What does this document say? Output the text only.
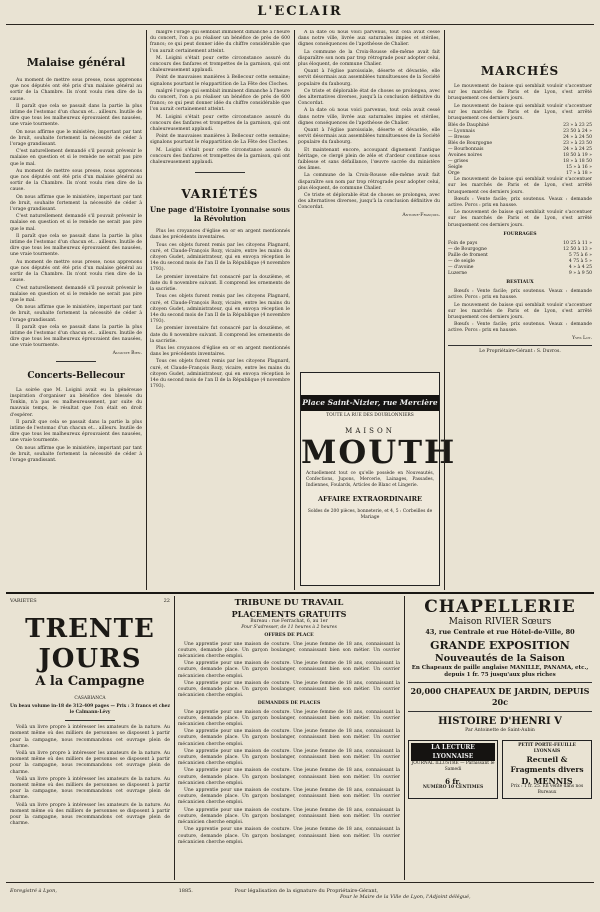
L'ECLAIR
Malaise général

Au moment de mettre sous presse, nous apprenons que nos députés ont été pris d'un malaise général au sortir de la Chambre. Ils n'ont voulu rien dire de la cause.

Il paraît que cela se passait dans la partie la plus intime de l'estomac d'un chacun et... ailleurs. Inutile de dire que tous les malheureux éprouvaient des nausées, une vraie tourmente.

On nous affirme que le ministère, important par tant de bruit, souhaite fortement la nécessité de céder à l'orage grandissant.

C'est naturellement demandé s'il pouvait prévenir le malaise en question et si le remède ne serait pas pire que le mal.

Au moment de mettre sous presse, nous apprenons que nos députés ont été pris d'un malaise général au sortir de la Chambre. Ils n'ont voulu rien dire de la cause.

On nous affirme que le ministère, important par tant de bruit, souhaite fortement la nécessité de céder à l'orage grandissant.

C'est naturellement demandé s'il pouvait prévenir le malaise en question et si le remède ne serait pas pire que le mal.

Il paraît que cela se passait dans la partie la plus intime de l'estomac d'un chacun et... ailleurs. Inutile de dire que tous les malheureux éprouvaient des nausées, une vraie tourmente.

Au moment de mettre sous presse, nous apprenons que nos députés ont été pris d'un malaise général au sortir de la Chambre. Ils n'ont voulu rien dire de la cause.

C'est naturellement demandé s'il pouvait prévenir le malaise en question et si le remède ne serait pas pire que le mal.

On nous affirme que le ministère, important par tant de bruit, souhaite fortement la nécessité de céder à l'orage grandissant.

Il paraît que cela se passait dans la partie la plus intime de l'estomac d'un chacun et... ailleurs. Inutile de dire que tous les malheureux éprouvaient des nausées, une vraie tourmente.

Auguste Bien.
Concerts-Bellecour

La soirée que M. Loigini avait eu la généreuse inspiration d'organiser au bénéfice des blessés du Tonkin, n'a pas eu malheureusement, par suite du mauvais temps, le résultat que l'on était en droit d'espérer.

Il paraît que cela se passait dans la partie la plus intime de l'estomac d'un chacun et... ailleurs. Inutile de dire que tous les malheureux éprouvaient des nausées, une vraie tourmente.

On nous affirme que le ministère, important par tant de bruit, souhaite fortement la nécessité de céder à l'orage grandissant.

malgré l'orage qui semblait imminent dimanche à l'heure du concert, l'on a pu réaliser un bénéfice de près de 600 francs; ce qui peut donner idée du chiffre considérable que l'on aurait certainement atteint.

M. Loigini s'était pour cette circonstance assuré du concours des fanfares et trompettes de la garnison, qui ont chaleureusement applaudi.

Point de mauvaises manières à Bellecour cette semaine; signalons pourtant le réappartition de La Fête des Cloches.

malgré l'orage qui semblait imminent dimanche à l'heure du concert, l'on a pu réaliser un bénéfice de près de 600 francs; ce qui peut donner idée du chiffre considérable que l'on aurait certainement atteint.

M. Loigini s'était pour cette circonstance assuré du concours des fanfares et trompettes de la garnison, qui ont chaleureusement applaudi.

Point de mauvaises manières à Bellecour cette semaine; signalons pourtant le réappartition de La Fête des Cloches.

M. Loigini s'était pour cette circonstance assuré du concours des fanfares et trompettes de la garnison, qui ont chaleureusement applaudi.

VARIÉTÉS
Une page d'Histoire Lyonnaise sous la Révolution

Plus les croyances d'église en or en argent mentionnés dans les précédents inventaires.

Tous ces objets furent remis par les citoyens Plagnard, curé, et Claude-François Rozy, vicaire, entre les mains du citoyen Gudet, administrateur, qui en envoya réception le 14e du second mois de l'an II de la République (4 novembre 1793).

Le premier inventaire fut consacré par la douzième, et date du 8 novembre suivant. Il comprend les ornements de la sacristie.

Tous ces objets furent remis par les citoyens Plagnard, curé, et Claude-François Rozy, vicaire, entre les mains du citoyen Gudet, administrateur, qui en envoya réception le 14e du second mois de l'an II de la République (4 novembre 1793).

Le premier inventaire fut consacré par la douzième, et date du 8 novembre suivant. Il comprend les ornements de la sacristie.

Plus les croyances d'église en or en argent mentionnés dans les précédents inventaires.

Tous ces objets furent remis par les citoyens Plagnard, curé, et Claude-François Rozy, vicaire, entre les mains du citoyen Gudet, administrateur, qui en envoya réception le 14e du second mois de l'an II de la République (4 novembre 1793).

A la date où nous voici parvenus, tout cela avait cessé dans notre ville, livrée aux saturnales impies et stériles, dignes conséquences de l'apothéose de Chalier.

La commune de la Croix-Rousse elle-même avait fait disparaître son nom par trop rétrograde pour adopter celui, plus éloquent, de commune Chalier.

Quant à l'église paroissiale, déserte et dévastée, elle servit désormais aux assemblées tumultueuses de la Société populaire du faubourg.

Ce triste et déplorable état de choses se prolongea, avec des alternatives diverses, jusqu'à la conclusion définitive du Concordat.

A la date où nous voici parvenus, tout cela avait cessé dans notre ville, livrée aux saturnales impies et stériles, dignes conséquences de l'apothéose de Chalier.

Quant à l'église paroissiale, déserte et dévastée, elle servit désormais aux assemblées tumultueuses de la Société populaire du faubourg.

Et maintenant encore, accoupant dignement l'antique héritage, ce clergé plein de zèle et d'ardeur continue sous faiblesse et sans défaillance, l'œuvre sacrée du ministère des âmes.

La commune de la Croix-Rousse elle-même avait fait disparaître son nom par trop rétrograde pour adopter celui, plus éloquent, de commune Chalier.

Ce triste et déplorable état de choses se prolongea, avec des alternatives diverses, jusqu'à la conclusion définitive du Concordat.

Antoine-François.
Place Saint-Nizier, rue Mercière
TOUTE LA RUE DES DOUBLONNIERS
MAISON
MOUTH
Actuellement tout ce qu'elle possède en Nouveautés, Confections, Jupons, Mercerie, Lainages, Passades, Indiennes, Foulards, Articles de Blanc et Lingerie.
AFFAIRE EXTRAORDINAIRE
Soldes de 200 pièces, bonneterie, et 4, 5 : Corbeilles de Mariage
MARCHÉS

Le mouvement de baisse qui semblait vouloir s'accentuer sur les marchés de Paris et de Lyon, s'est arrêté brusquement ces derniers jours.

Le mouvement de baisse qui semblait vouloir s'accentuer sur les marchés de Paris et de Lyon, s'est arrêté brusquement ces derniers jours.

Blés de Dauphiné	23 » à 23 25
— Lyonnais	23 50 à 24 »
— Bresse	24 » à 24 50
Blés de Bourgogne	23 » à 23 50
— Bourbonnais	24 » à 24 25
Avoines noires	18 50 à 19 »
— grises	18 » à 18 50
Seigle	15 » à 16 »
Orge	17 » à 18 »

Le mouvement de baisse qui semblait vouloir s'accentuer sur les marchés de Paris et de Lyon, s'est arrêté brusquement ces derniers jours.

Bœufs : Vente facile; prix soutenus. Veaux : demande active. Porcs : prix en hausse.

Le mouvement de baisse qui semblait vouloir s'accentuer sur les marchés de Paris et de Lyon, s'est arrêté brusquement ces derniers jours.

FOURRAGES
Foin de pays	10 25 à 11 »
— de Bourgogne	12 50 à 13 »
Paille de froment	5 75 à 6 »
— de seigle	4 75 à 5 »
— d'avoine	4 » à 4 25
Luzerne	9 » à 9 50
BESTIAUX

Bœufs : Vente facile; prix soutenus. Veaux : demande active. Porcs : prix en hausse.

Le mouvement de baisse qui semblait vouloir s'accentuer sur les marchés de Paris et de Lyon, s'est arrêté brusquement ces derniers jours.

Bœufs : Vente facile; prix soutenus. Veaux : demande active. Porcs : prix en hausse.

Yves Lot.
Le Propriétaire-Gérant : S. Duvros.
VARIÉTÉS	22
TRENTE JOURS
A la Campagne
CASABIANCA
Un beau volume in-18 de 312-409 pages — Prix : 3 francs et chez le Calmann-Lévy

Voilà un livre propre à intéresser les amateurs de la nature. Au moment même où des milliers de personnes se disposent à partir pour la campagne, nous recommandons cet ouvrage plein de charme.

Voilà un livre propre à intéresser les amateurs de la nature. Au moment même où des milliers de personnes se disposent à partir pour la campagne, nous recommandons cet ouvrage plein de charme.

Voilà un livre propre à intéresser les amateurs de la nature. Au moment même où des milliers de personnes se disposent à partir pour la campagne, nous recommandons cet ouvrage plein de charme.

Voilà un livre propre à intéresser les amateurs de la nature. Au moment même où des milliers de personnes se disposent à partir pour la campagne, nous recommandons cet ouvrage plein de charme.

TRIBUNE DU TRAVAIL
PLACEMENTS GRATUITS
Bureau : rue Ferrachat, 6, au 1er
Pour S'adresser, de 11 heures à 2 heures
OFFRES DE PLACE

Une apprentie pour une maison de couture. Une jeune femme de 18 ans, connaissant la couture, demande place. Un garçon boulanger, connaissant bien son métier. Un ouvrier mécanicien cherche emploi.

Une apprentie pour une maison de couture. Une jeune femme de 18 ans, connaissant la couture, demande place. Un garçon boulanger, connaissant bien son métier. Un ouvrier mécanicien cherche emploi.

Une apprentie pour une maison de couture. Une jeune femme de 18 ans, connaissant la couture, demande place. Un garçon boulanger, connaissant bien son métier. Un ouvrier mécanicien cherche emploi.

DEMANDES DE PLACES

Une apprentie pour une maison de couture. Une jeune femme de 18 ans, connaissant la couture, demande place. Un garçon boulanger, connaissant bien son métier. Un ouvrier mécanicien cherche emploi.

Une apprentie pour une maison de couture. Une jeune femme de 18 ans, connaissant la couture, demande place. Un garçon boulanger, connaissant bien son métier. Un ouvrier mécanicien cherche emploi.

Une apprentie pour une maison de couture. Une jeune femme de 18 ans, connaissant la couture, demande place. Un garçon boulanger, connaissant bien son métier. Un ouvrier mécanicien cherche emploi.

Une apprentie pour une maison de couture. Une jeune femme de 18 ans, connaissant la couture, demande place. Un garçon boulanger, connaissant bien son métier. Un ouvrier mécanicien cherche emploi.

Une apprentie pour une maison de couture. Une jeune femme de 18 ans, connaissant la couture, demande place. Un garçon boulanger, connaissant bien son métier. Un ouvrier mécanicien cherche emploi.

Une apprentie pour une maison de couture. Une jeune femme de 18 ans, connaissant la couture, demande place. Un garçon boulanger, connaissant bien son métier. Un ouvrier mécanicien cherche emploi.

Une apprentie pour une maison de couture. Une jeune femme de 18 ans, connaissant la couture, demande place. Un garçon boulanger, connaissant bien son métier. Un ouvrier mécanicien cherche emploi.

CHAPELLERIE
Maison RIVIER Sœurs
43, rue Centrale et rue Hôtel-de-Ville, 80
GRANDE EXPOSITION
Nouveautés de la Saison
En Chapeaux de paille anglaise MANILLE, PANAMA, etc., depuis 1 fr. 75 jusqu'aux plus riches
20,000 CHAPEAUX DE JARDIN, DEPUIS 20c
HISTOIRE D'HENRI V
Par Antoinette de Saint-Aubin
LA LECTURE LYONNAISE
JOURNAL ILLUSTRÉ — Paraissant le Samedi
6 fr.
NUMÉRO 10 CENTIMES
PETIT PORTE-FEUILLE LYONNAIS
Recueil & Fragments divers
D. MENNIS
Prix : 1 fr. 25. En vente dans nos Bureaux
Enregistré à Lyon,	1885.	Pour légalisation de la signature du Propriétaire-Gérant,
Pour le Maire de la Ville de Lyon, l'Adjoint délégué,
